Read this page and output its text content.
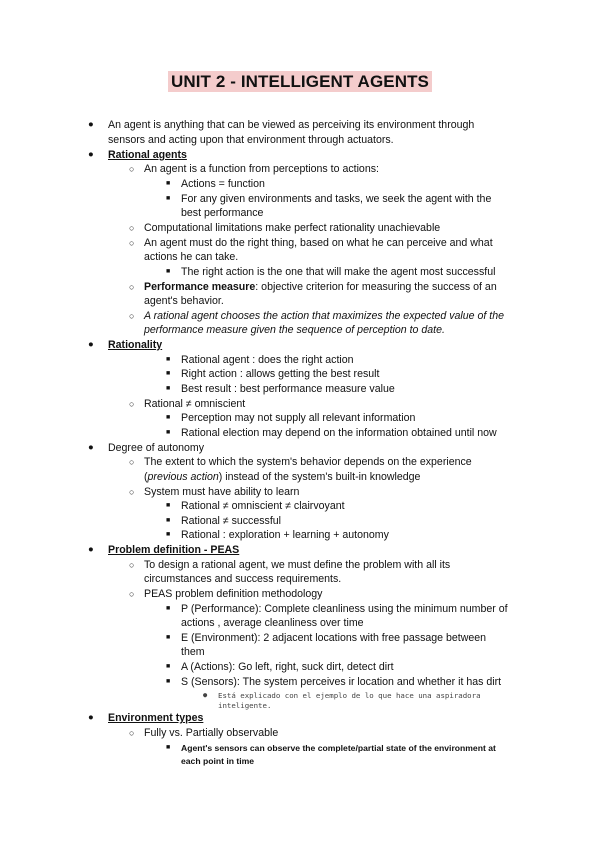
UNIT 2 - INTELLIGENT AGENTS
● An agent is anything that can be viewed as perceiving its environment through
sensors and acting upon that environment through actuators.
● Rational agents
○ An agent is a function from perceptions to actions:
■ Actions = function
■ For any given environments and tasks, we seek the agent with the
best performance
○ Computational limitations make perfect rationality unachievable
○ An agent must do the right thing, based on what he can perceive and what
actions he can take.
■ The right action is the one that will make the agent most successful
○ Performance measure: objective criterion for measuring the success of an
agent's behavior.
○ A rational agent chooses the action that maximizes the expected value of the
performance measure given the sequence of perception to date.
● Rationality
■ Rational agent : does the right action
■ Right action : allows getting the best result
■ Best result : best performance measure value
○ Rational ≠ omniscient
■ Perception may not supply all relevant information
■ Rational election may depend on the information obtained until now
● Degree of autonomy
○ The extent to which the system's behavior depends on the experience
(previous action) instead of the system's built-in knowledge
○ System must have ability to learn
■ Rational ≠ omniscient ≠ clairvoyant
■ Rational ≠ successful
■ Rational : exploration + learning + autonomy
● Problem definition - PEAS
○ To design a rational agent, we must define the problem with all its
circumstances and success requirements.
○ PEAS problem definition methodology
■ P (Performance): Complete cleanliness using the minimum number of
actions , average cleanliness over time
■ E (Environment): 2 adjacent locations with free passage between
them
■ A (Actions): Go left, right, suck dirt, detect dirt
■ S (Sensors): The system perceives ir location and whether it has dirt
● Está explicado con el ejemplo de lo que hace una aspiradora
inteligente.
● Environment types
○ Fully vs. Partially observable
■ Agent's sensors can observe the complete/partial state of the environment at
each point in time
